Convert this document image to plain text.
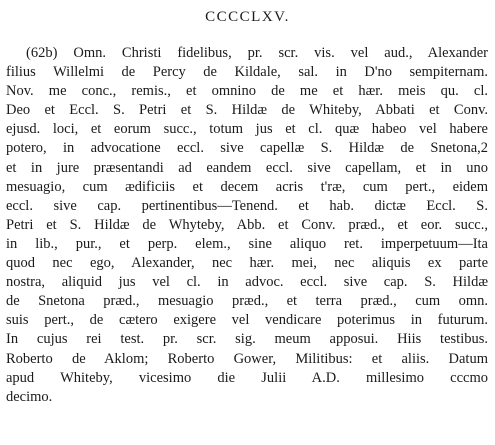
CCCCLXV.
(62b) Omn. Christi fidelibus, pr. scr. vis. vel aud., Alexander
filius Willelmi de Percy de Kildale, sal. in D'no sempiternam.
Nov. me conc., remis., et omnino de me et hær. meis qu. cl.
Deo et Eccl. S. Petri et S. Hildæ de Whiteby, Abbati et Conv.
ejusd. loci, et eorum succ., totum jus et cl. quæ habeo vel habere
potero, in advocatione eccl. sive capellæ S. Hildæ de Snetona,2
et in jure præsentandi ad eandem eccl. sive capellam, et in uno
mesuagio, cum ædificiis et decem acris t'ræ, cum pert., eidem
eccl. sive cap. pertinentibus—Tenend. et hab. dictæ Eccl. S.
Petri et S. Hildæ de Whyteby, Abb. et Conv. præd., et eor. succ.,
in lib., pur., et perp. elem., sine aliquo ret. imperpetuum—Ita
quod nec ego, Alexander, nec hær. mei, nec aliquis ex parte
nostra, aliquid jus vel cl. in advoc. eccl. sive cap. S. Hildæ
de Snetona præd., mesuagio præd., et terra præd., cum omn.
suis pert., de cætero exigere vel vendicare poterimus in futurum.
In cujus rei test. pr. scr. sig. meum apposui. Hiis testibus.
Roberto de Aklom; Roberto Gower, Militibus: et aliis. Datum
apud Whiteby, vicesimo die Julii A.D. millesimo cccmo
decimo.
